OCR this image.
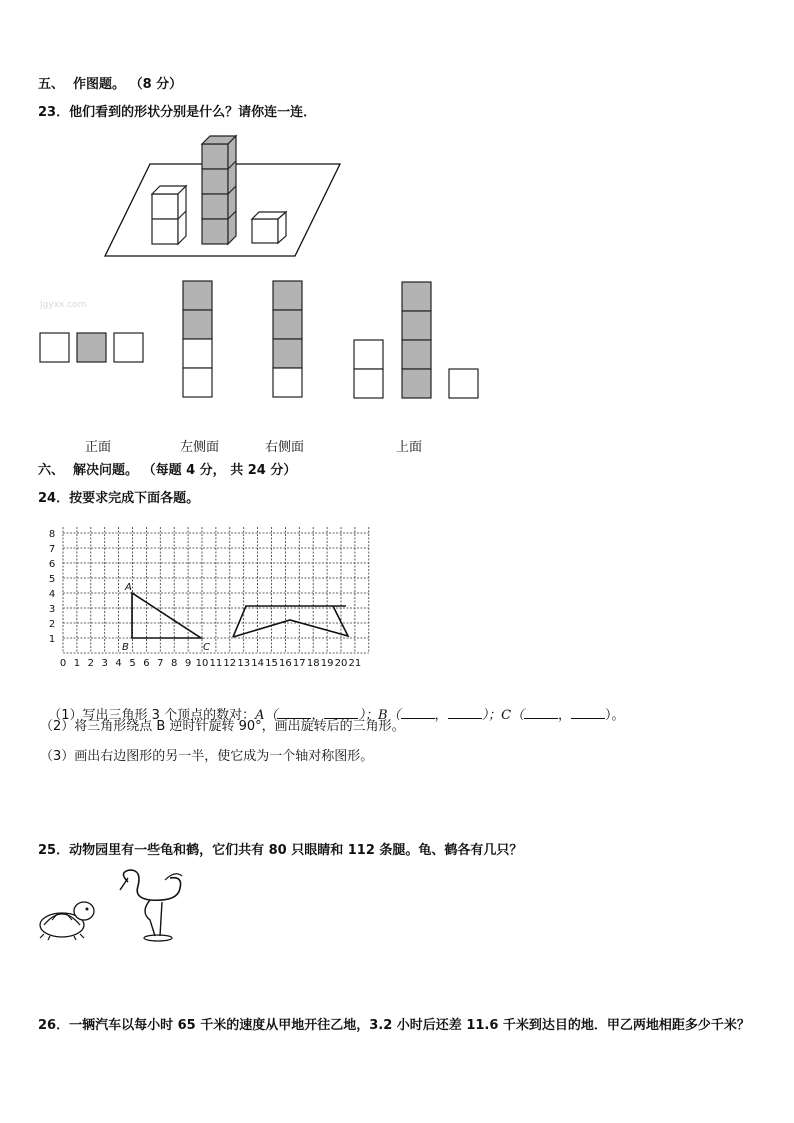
五、  作图题。 （8 分）
23．他们看到的形状分别是什么？请你连一连．
Jgyxx.com
正面	左侧面	右侧面	上面
六、  解决问题。 （每题 4 分， 共 24 分）
24．按要求完成下面各题。
0 1 2 3 4 5 6 7 8 9 10 11 12 13 14 15 16 17 18 19 20 21
1
2
3
4
5
6
7
8
A
B	C

（1）写出三角形 3 个顶点的数对：A（	，	）；B（	，	）；C（	，	）。

（2）将三角形绕点 B 逆时针旋转 90°，画出旋转后的三角形。
（3）画出右边图形的另一半，使它成为一个轴对称图形。
25．动物园里有一些龟和鹤，它们共有 80 只眼睛和 112 条腿。龟、鹤各有几只？
26．一辆汽车以每小时 65 千米的速度从甲地开往乙地，3.2 小时后还差 11.6 千米到达目的地．甲乙两地相距多少千米？
